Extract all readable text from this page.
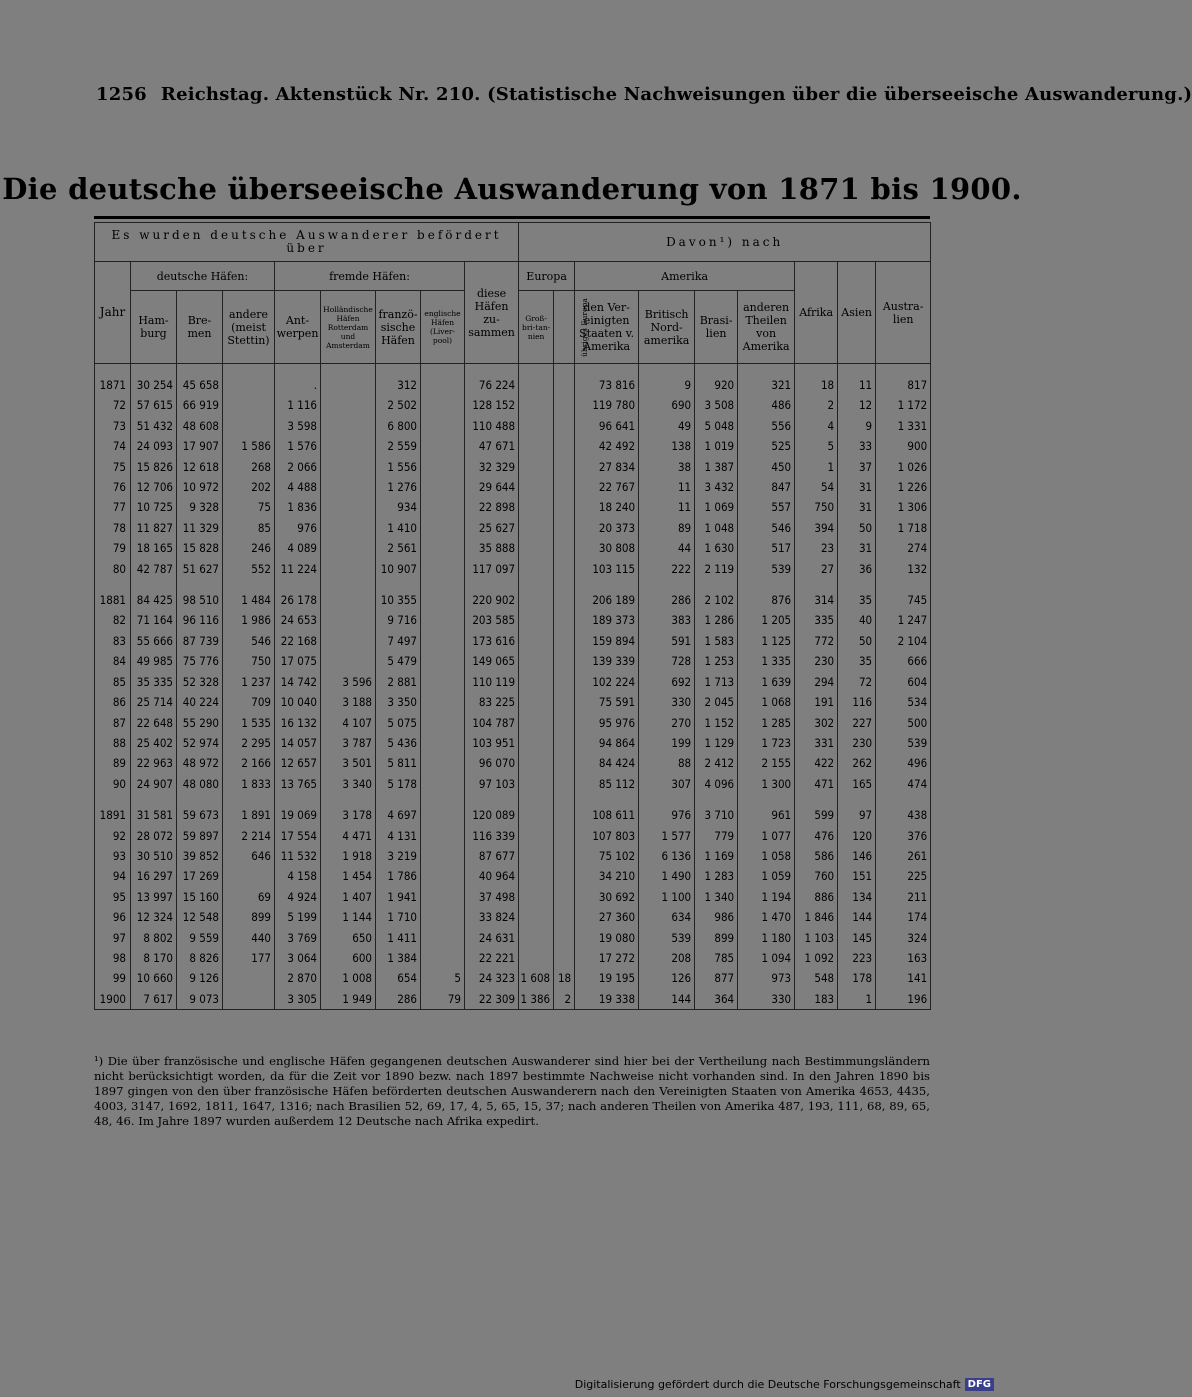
1256 Reichstag. Aktenstück Nr. 210. (Statistische Nachweisungen über die überseeische Auswanderung.)
Die deutsche überseeische Auswanderung von 1871 bis 1900.
Es wurden deutsche Auswanderer befördert über									Davon¹) nach								
Jahr	deutsche Häfen:			fremde Häfen:				diese Häfen zu-sammen	Europa		Amerika				Afrika	Asien	Austra-lien
	Ham-burg	Bre-men	andere (meist Stettin)	Ant-werpen	Holländische Häfen Rotterdam und Amsterdam	franzö-sische Häfen	englische Häfen (Liver-pool)		Groß-bri-tan-nien	übriges Europa	den Ver-einigten Staaten v. Amerika	Britisch Nord-amerika	Brasi-lien	anderen Theilen von Amerika			

1871	30 254	45 658		.		312		76 224			73 816	9	920	321	18	11	817
72	57 615	66 919		1 116		2 502		128 152			119 780	690	3 508	486	2	12	1 172
73	51 432	48 608		3 598		6 800		110 488			96 641	49	5 048	556	4	9	1 331
74	24 093	17 907	1 586	1 576		2 559		47 671			42 492	138	1 019	525	5	33	900
75	15 826	12 618	268	2 066		1 556		32 329			27 834	38	1 387	450	1	37	1 026
76	12 706	10 972	202	4 488		1 276		29 644			22 767	11	3 432	847	54	31	1 226
77	10 725	9 328	75	1 836		934		22 898			18 240	11	1 069	557	750	31	1 306
78	11 827	11 329	85	976		1 410		25 627			20 373	89	1 048	546	394	50	1 718
79	18 165	15 828	246	4 089		2 561		35 888			30 808	44	1 630	517	23	31	274
80	42 787	51 627	552	11 224		10 907		117 097			103 115	222	2 119	539	27	36	132

1881	84 425	98 510	1 484	26 178		10 355		220 902			206 189	286	2 102	876	314	35	745
82	71 164	96 116	1 986	24 653		9 716		203 585			189 373	383	1 286	1 205	335	40	1 247
83	55 666	87 739	546	22 168		7 497		173 616			159 894	591	1 583	1 125	772	50	2 104
84	49 985	75 776	750	17 075		5 479		149 065			139 339	728	1 253	1 335	230	35	666
85	35 335	52 328	1 237	14 742	3 596	2 881		110 119			102 224	692	1 713	1 639	294	72	604
86	25 714	40 224	709	10 040	3 188	3 350		83 225			75 591	330	2 045	1 068	191	116	534
87	22 648	55 290	1 535	16 132	4 107	5 075		104 787			95 976	270	1 152	1 285	302	227	500
88	25 402	52 974	2 295	14 057	3 787	5 436		103 951			94 864	199	1 129	1 723	331	230	539
89	22 963	48 972	2 166	12 657	3 501	5 811		96 070			84 424	88	2 412	2 155	422	262	496
90	24 907	48 080	1 833	13 765	3 340	5 178		97 103			85 112	307	4 096	1 300	471	165	474

1891	31 581	59 673	1 891	19 069	3 178	4 697		120 089			108 611	976	3 710	961	599	97	438
92	28 072	59 897	2 214	17 554	4 471	4 131		116 339			107 803	1 577	779	1 077	476	120	376
93	30 510	39 852	646	11 532	1 918	3 219		87 677			75 102	6 136	1 169	1 058	586	146	261
94	16 297	17 269		4 158	1 454	1 786		40 964			34 210	1 490	1 283	1 059	760	151	225
95	13 997	15 160	69	4 924	1 407	1 941		37 498			30 692	1 100	1 340	1 194	886	134	211
96	12 324	12 548	899	5 199	1 144	1 710		33 824			27 360	634	986	1 470	1 846	144	174
97	8 802	9 559	440	3 769	650	1 411		24 631			19 080	539	899	1 180	1 103	145	324
98	8 170	8 826	177	3 064	600	1 384		22 221			17 272	208	785	1 094	1 092	223	163
99	10 660	9 126		2 870	1 008	654	5	24 323	1 608	18	19 195	126	877	973	548	178	141
1900	7 617	9 073		3 305	1 949	286	79	22 309	1 386	2	19 338	144	364	330	183	1	196
¹) Die über französische und englische Häfen gegangenen deutschen Auswanderer sind hier bei der Vertheilung nach Bestimmungsländern nicht berücksichtigt worden, da für die Zeit vor 1890 bezw. nach 1897 bestimmte Nachweise nicht vorhanden sind. In den Jahren 1890 bis 1897 gingen von den über französische Häfen beförderten deutschen Auswanderern nach den Vereinigten Staaten von Amerika 4653, 4435, 4003, 3147, 1692, 1811, 1647, 1316; nach Brasilien 52, 69, 17, 4, 5, 65, 15, 37; nach anderen Theilen von Amerika 487, 193, 111, 68, 89, 65, 48, 46. Im Jahre 1897 wurden außerdem 12 Deutsche nach Afrika expedirt.
Digitalisierung gefördert durch die Deutsche Forschungsgemeinschaft DFG
